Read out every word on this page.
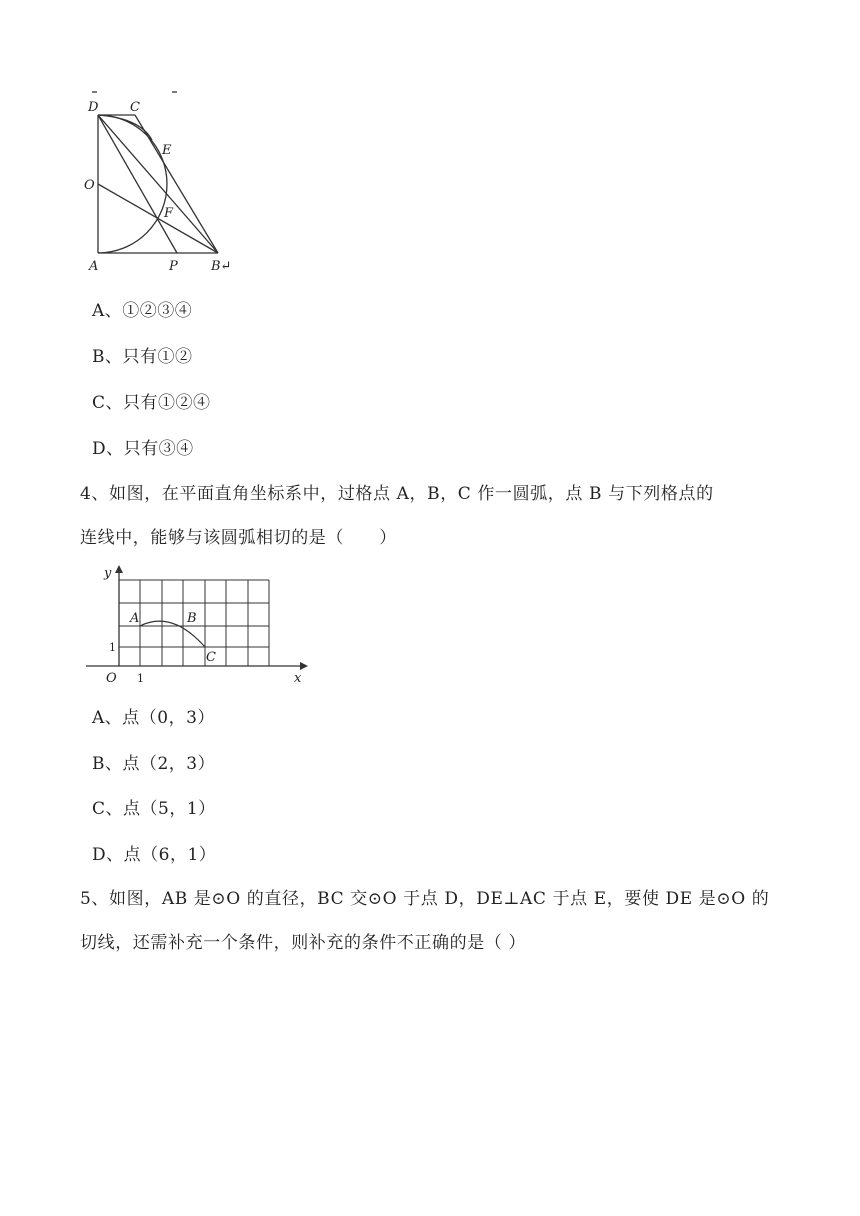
D C
E
O
F
A	P	B↵
A、①②③④
B、只有①②
C、只有①②④
D、只有③④
4、如图，在平面直角坐标系中，过格点 A，B，C 作一圆弧，点 B 与下列格点的
连线中，能够与该圆弧相切的是（　　）
y
x
O 1
1
A	B
C
A、点（0，3）
B、点（2，3）
C、点（5，1）
D、点（6，1）
5、如图，AB 是⊙O 的直径，BC 交⊙O 于点 D，DE⊥AC 于点 E，要使 DE 是⊙O 的
切线，还需补充一个条件，则补充的条件不正确的是（ ）
